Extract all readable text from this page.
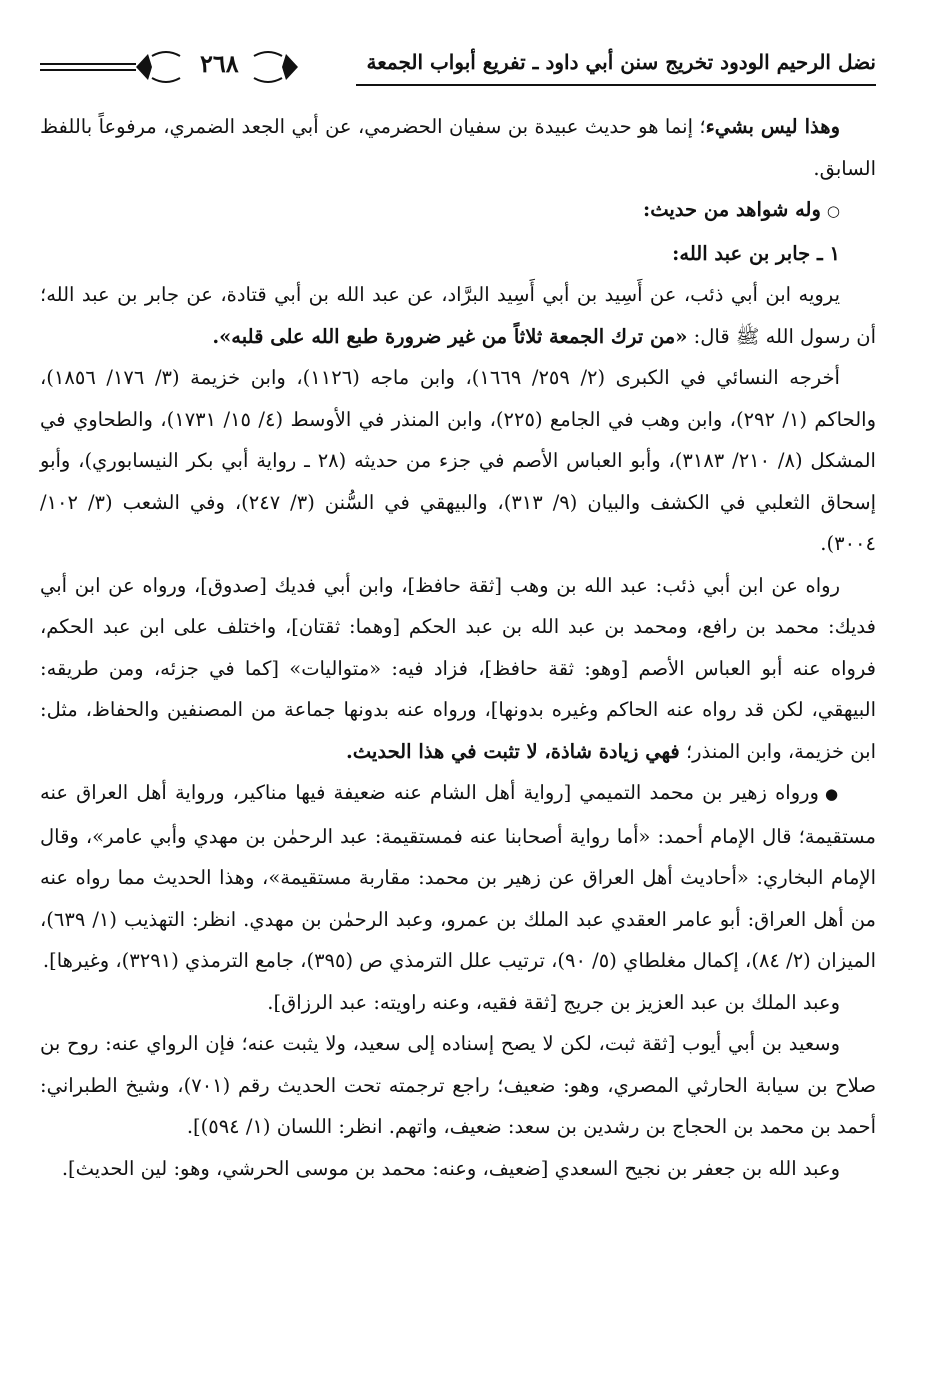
نضل الرحيم الودود تخريج سنن أبي داود ـ تفريع أبواب الجمعة
٢٦٨

وهذا ليس بشيء؛ إنما هو حديث عبيدة بن سفيان الحضرمي، عن أبي الجعد الضمري، مرفوعاً باللفظ السابق.

○وله شواهد من حديث:

١ ـ جابر بن عبد الله:

يرويه ابن أبي ذئب، عن أَسِيد بن أبي أَسِيد البرَّاد، عن عبد الله بن أبي قتادة، عن جابر بن عبد الله؛ أن رسول الله ﷺ قال: «من ترك الجمعة ثلاثاً من غير ضرورة طبع الله على قلبه».

أخرجه النسائي في الكبرى (٢/ ٢٥٩/ ١٦٦٩)، وابن ماجه (١١٢٦)، وابن خزيمة (٣/ ١٧٦/ ١٨٥٦)، والحاكم (١/ ٢٩٢)، وابن وهب في الجامع (٢٢٥)، وابن المنذر في الأوسط (٤/ ١٥/ ١٧٣١)، والطحاوي في المشكل (٨/ ٢١٠/ ٣١٨٣)، وأبو العباس الأصم في جزء من حديثه (٢٨ ـ رواية أبي بكر النيسابوري)، وأبو إسحاق الثعلبي في الكشف والبيان (٩/ ٣١٣)، والبيهقي في السُّنن (٣/ ٢٤٧)، وفي الشعب (٣/ ١٠٢/ ٣٠٠٤).

رواه عن ابن أبي ذئب: عبد الله بن وهب [ثقة حافظ]، وابن أبي فديك [صدوق]، ورواه عن ابن أبي فديك: محمد بن رافع، ومحمد بن عبد الله بن عبد الحكم [وهما: ثقتان]، واختلف على ابن عبد الحكم، فرواه عنه أبو العباس الأصم [وهو: ثقة حافظ]، فزاد فيه: «متواليات» [كما في جزئه، ومن طريقه: البيهقي، لكن قد رواه عنه الحاكم وغيره بدونها]، ورواه عنه بدونها جماعة من المصنفين والحفاظ، مثل: ابن خزيمة، وابن المنذر؛ فهي زيادة شاذة، لا تثبت في هذا الحديث.

●ورواه زهير بن محمد التميمي [رواية أهل الشام عنه ضعيفة فيها مناكير، ورواية أهل العراق عنه مستقيمة؛ قال الإمام أحمد: «أما رواية أصحابنا عنه فمستقيمة: عبد الرحمٰن بن مهدي وأبي عامر»، وقال الإمام البخاري: «أحاديث أهل العراق عن زهير بن محمد: مقاربة مستقيمة»، وهذا الحديث مما رواه عنه من أهل العراق: أبو عامر العقدي عبد الملك بن عمرو، وعبد الرحمٰن بن مهدي. انظر: التهذيب (١/ ٦٣٩)، الميزان (٢/ ٨٤)، إكمال مغلطاي (٥/ ٩٠)، ترتيب علل الترمذي ص (٣٩٥)، جامع الترمذي (٣٢٩١)، وغيرها].

وعبد الملك بن عبد العزيز بن جريج [ثقة فقيه، وعنه راويته: عبد الرزاق].

وسعيد بن أبي أيوب [ثقة ثبت، لكن لا يصح إسناده إلى سعيد، ولا يثبت عنه؛ فإن الرواي عنه: روح بن صلاح بن سيابة الحارثي المصري، وهو: ضعيف؛ راجع ترجمته تحت الحديث رقم (٧٠١)، وشيخ الطبراني: أحمد بن محمد بن الحجاج بن رشدين بن سعد: ضعيف، واتهم. انظر: اللسان (١/ ٥٩٤)].

وعبد الله بن جعفر بن نجيح السعدي [ضعيف، وعنه: محمد بن موسى الحرشي، وهو: لين الحديث].
